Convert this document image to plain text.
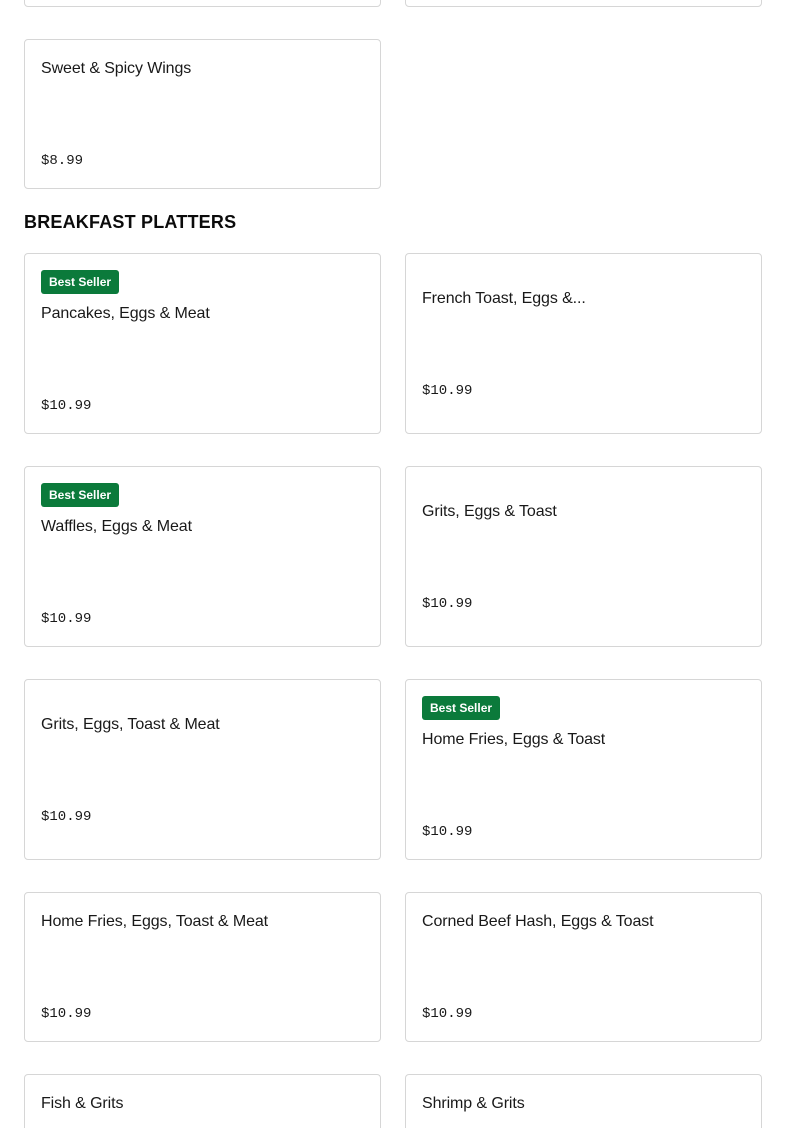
Sweet & Spicy Wings
$8.99
BREAKFAST PLATTERS
Best Seller
Pancakes, Eggs & Meat
$10.99
French Toast, Eggs &...
$10.99
Best Seller
Waffles, Eggs & Meat
$10.99
Grits, Eggs & Toast
$10.99
Grits, Eggs, Toast & Meat
$10.99
Best Seller
Home Fries, Eggs & Toast
$10.99
Home Fries, Eggs, Toast & Meat
$10.99
Corned Beef Hash, Eggs & Toast
$10.99
Fish & Grits	Shrimp & Grits
